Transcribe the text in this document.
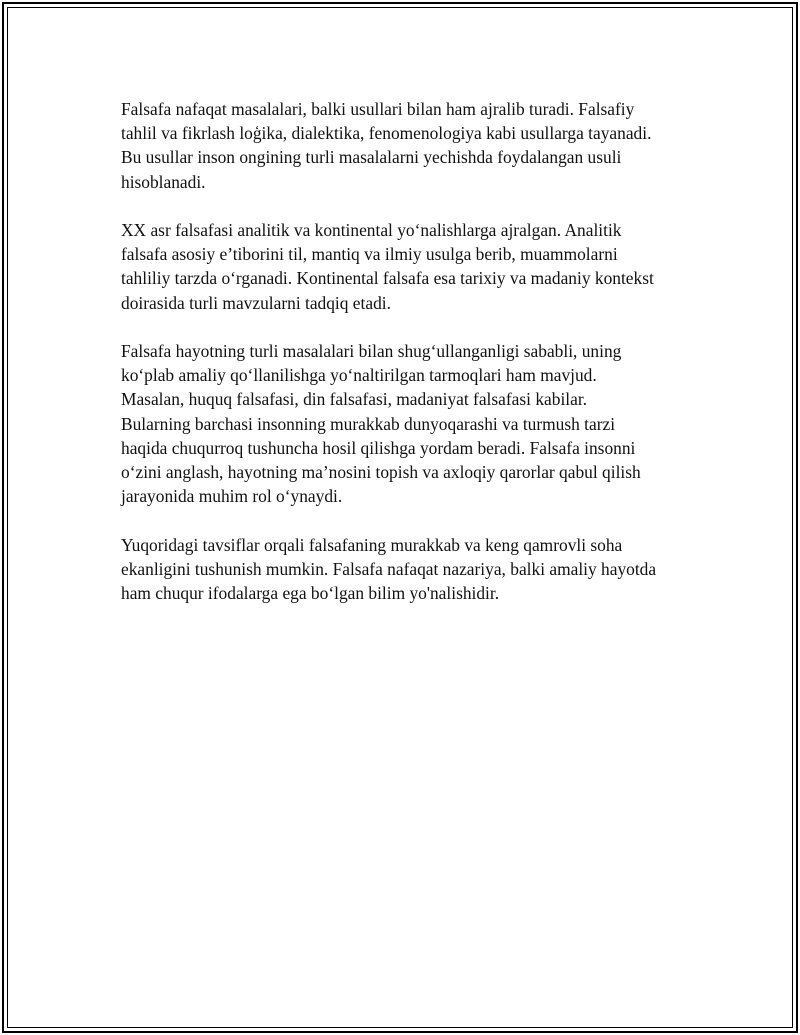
Falsafa nafaqat masalalari, balki usullari bilan ham ajralib turadi. Falsafiy
tahlil va fikrlash loģika, dialektika, fenomenologiya kabi usullarga tayanadi.
Bu usullar inson ongining turli masalalarni yechishda foydalangan usuli
hisoblanadi.

XX asr falsafasi analitik va kontinental yo‘nalishlarga ajralgan. Analitik
falsafa asosiy e’tiborini til, mantiq va ilmiy usulga berib, muammolarni
tahliliy tarzda o‘rganadi. Kontinental falsafa esa tarixiy va madaniy kontekst
doirasida turli mavzularni tadqiq etadi.

Falsafa hayotning turli masalalari bilan shug‘ullanganligi sababli, uning
ko‘plab amaliy qo‘llanilishga yo‘naltirilgan tarmoqlari ham mavjud.
Masalan, huquq falsafasi, din falsafasi, madaniyat falsafasi kabilar.
Bularning barchasi insonning murakkab dunyoqarashi va turmush tarzi
haqida chuqurroq tushuncha hosil qilishga yordam beradi. Falsafa insonni
o‘zini anglash, hayotning ma’nosini topish va axloqiy qarorlar qabul qilish
jarayonida muhim rol o‘ynaydi.

Yuqoridagi tavsiflar orqali falsafaning murakkab va keng qamrovli soha
ekanligini tushunish mumkin. Falsafa nafaqat nazariya, balki amaliy hayotda
ham chuqur ifodalarga ega bo‘lgan bilim yo'nalishidir.
